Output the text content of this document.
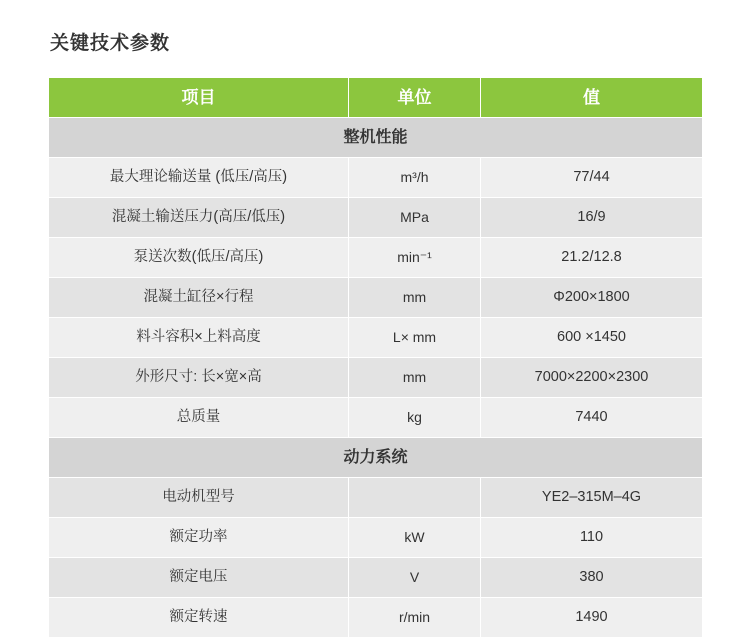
关键技术参数
项目	单位	值
整机性能		
最大理论输送量 (低压/高压)	m³/h	77/44
混凝土输送压力(高压/低压)	MPa	16/9
泵送次数(低压/高压)	min⁻¹	21.2/12.8
混凝土缸径×行程	mm	Φ200×1800
料斗容积×上料高度	L× mm	600 ×1450
外形尺寸: 长×宽×高	mm	7000×2200×2300
总质量	kg	7440
动力系统		
电动机型号		YE2–315M–4G
额定功率	kW	110
额定电压	V	380
额定转速	r/min	1490
